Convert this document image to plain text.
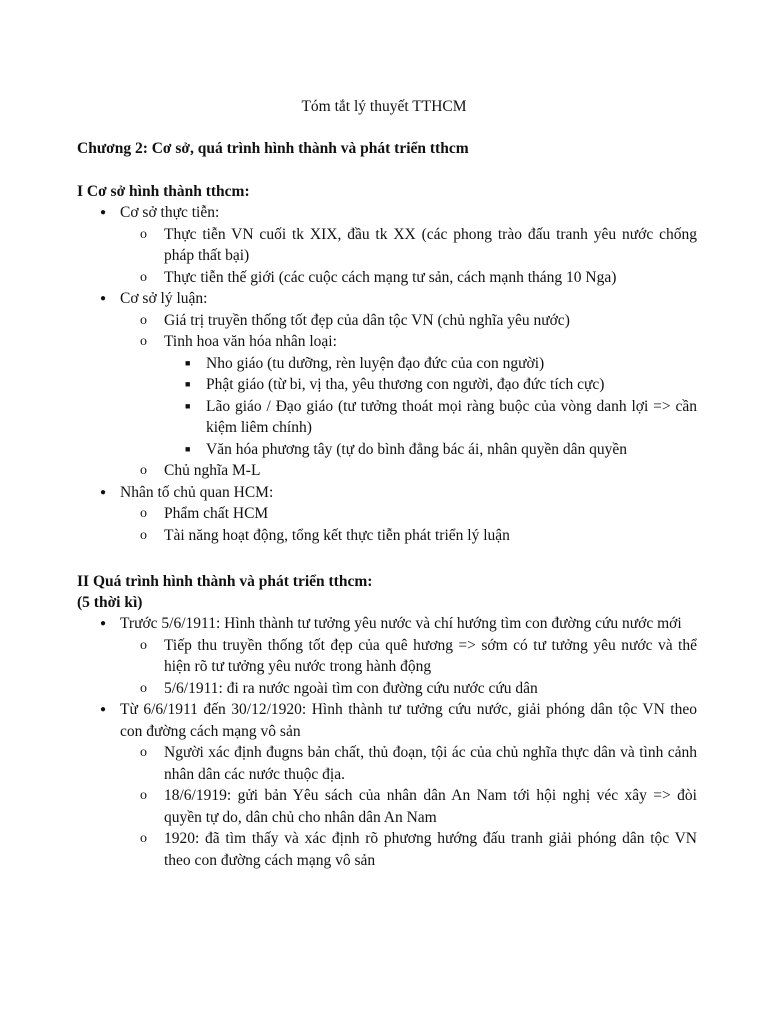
Tóm tắt lý thuyết TTHCM
Chương 2: Cơ sở, quá trình hình thành và phát triển tthcm
I Cơ sở hình thành tthcm:
● Cơ sở thực tiễn:
o Thực tiễn VN cuối tk XIX, đầu tk XX (các phong trào đấu tranh yêu nước chống pháp thất bại)
o Thực tiễn thế giới (các cuộc cách mạng tư sản, cách mạnh tháng 10 Nga)
● Cơ sở lý luận:
o Giá trị truyền thống tốt đẹp của dân tộc VN (chủ nghĩa yêu nước)
o Tinh hoa văn hóa nhân loại:
■ Nho giáo (tu dưỡng, rèn luyện đạo đức của con người)
■ Phật giáo (từ bi, vị tha, yêu thương con người, đạo đức tích cực)
■ Lão giáo / Đạo giáo (tư tưởng thoát mọi ràng buộc của vòng danh lợi => cần kiệm liêm chính)
■ Văn hóa phương tây (tự do bình đẳng bác ái, nhân quyền dân quyền
o Chủ nghĩa M-L
● Nhân tố chủ quan HCM:
o Phẩm chất HCM
o Tài năng hoạt động, tổng kết thực tiễn phát triển lý luận
II Quá trình hình thành và phát triển tthcm:
(5 thời kì)
● Trước 5/6/1911: Hình thành tư tưởng yêu nước và chí hướng tìm con đường cứu nước mới
o Tiếp thu truyền thống tốt đẹp của quê hương => sớm có tư tưởng yêu nước và thể hiện rõ tư tưởng yêu nước trong hành động
o 5/6/1911: đi ra nước ngoài tìm con đường cứu nước cứu dân
● Từ 6/6/1911 đến 30/12/1920: Hình thành tư tưởng cứu nước, giải phóng dân tộc VN theo con đường cách mạng vô sản
o Người xác định đugns bản chất, thủ đoạn, tội ác của chủ nghĩa thực dân và tình cảnh nhân dân các nước thuộc địa.
o 18/6/1919: gửi bản Yêu sách của nhân dân An Nam tới hội nghị véc xây => đòi quyền tự do, dân chủ cho nhân dân An Nam
o 1920: đã tìm thấy và xác định rõ phương hướng đấu tranh giải phóng dân tộc VN theo con đường cách mạng vô sản
